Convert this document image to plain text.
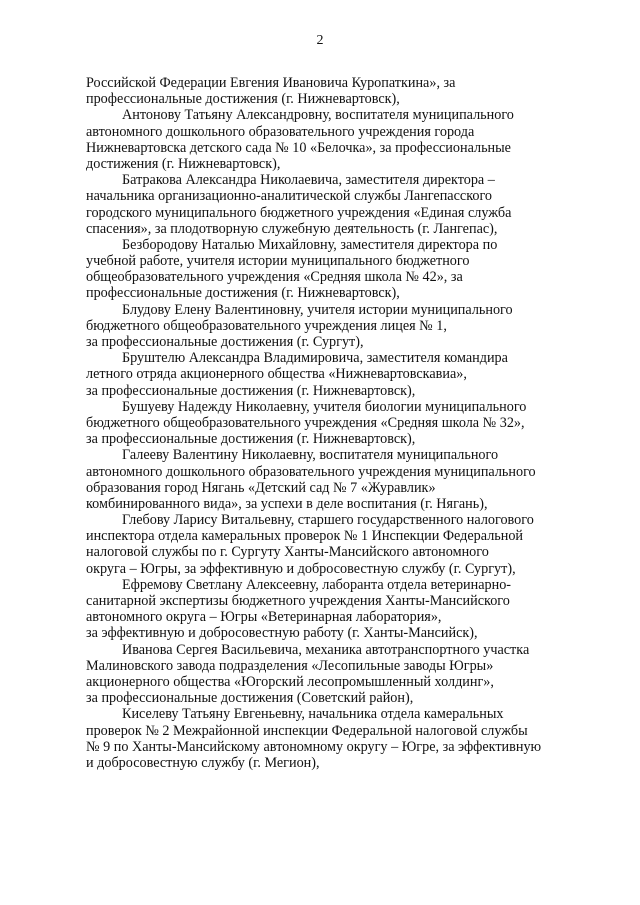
2
Российской Федерации Евгения Ивановича Куропаткина», за
профессиональные достижения (г. Нижневартовск),
Антонову Татьяну Александровну, воспитателя муниципального
автономного дошкольного образовательного учреждения города
Нижневартовска детского сада № 10 «Белочка», за профессиональные
достижения (г. Нижневартовск),
Батракова Александра Николаевича, заместителя директора –
начальника организационно-аналитической службы Лангепасского
городского муниципального бюджетного учреждения «Единая служба
спасения», за плодотворную служебную деятельность (г. Лангепас),
Безбородову Наталью Михайловну, заместителя директора по
учебной работе, учителя истории муниципального бюджетного
общеобразовательного учреждения «Средняя школа № 42», за
профессиональные достижения (г. Нижневартовск),
Блудову Елену Валентиновну, учителя истории муниципального
бюджетного общеобразовательного учреждения лицея № 1,
за профессиональные достижения (г. Сургут),
Бруштелю Александра Владимировича, заместителя командира
летного отряда акционерного общества «Нижневартовскавиа»,
за профессиональные достижения (г. Нижневартовск),
Бушуеву Надежду Николаевну, учителя биологии муниципального
бюджетного общеобразовательного учреждения «Средняя школа № 32»,
за профессиональные достижения (г. Нижневартовск),
Галееву Валентину Николаевну, воспитателя муниципального
автономного дошкольного образовательного учреждения муниципального
образования город Нягань «Детский сад № 7 «Журавлик»
комбинированного вида», за успехи в деле воспитания (г. Нягань),
Глебову Ларису Витальевну, старшего государственного налогового
инспектора отдела камеральных проверок № 1 Инспекции Федеральной
налоговой службы по г. Сургуту Ханты-Мансийского автономного
округа – Югры, за эффективную и добросовестную службу (г. Сургут),
Ефремову Светлану Алексеевну, лаборанта отдела ветеринарно-
санитарной экспертизы бюджетного учреждения Ханты-Мансийского
автономного округа – Югры «Ветеринарная лаборатория»,
за эффективную и добросовестную работу (г. Ханты-Мансийск),
Иванова Сергея Васильевича, механика автотранспортного участка
Малиновского завода подразделения «Лесопильные заводы Югры»
акционерного общества «Югорский лесопромышленный холдинг»,
за профессиональные достижения (Советский район),
Киселеву Татьяну Евгеньевну, начальника отдела камеральных
проверок № 2 Межрайонной инспекции Федеральной налоговой службы
№ 9 по Ханты-Мансийскому автономному округу – Югре, за эффективную
и добросовестную службу (г. Мегион),
